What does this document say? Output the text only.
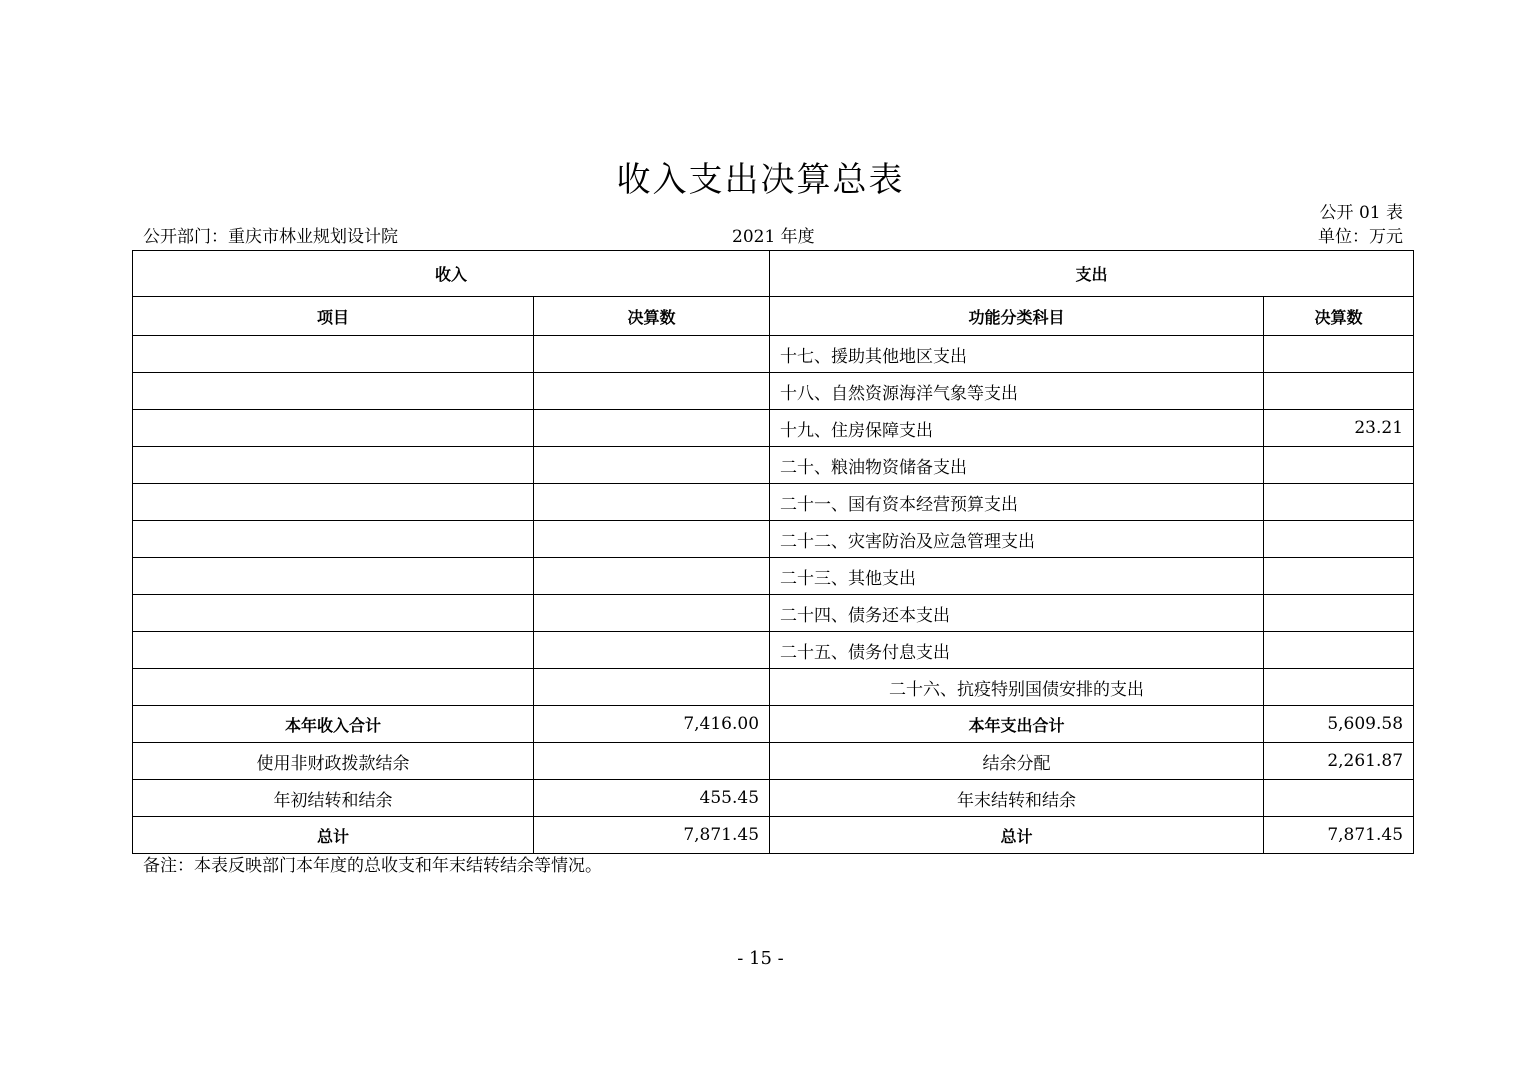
收入支出决算总表
公开 01 表
公开部门：重庆市林业规划设计院	2021 年度	单位：万元
收入		支出	
项目	决算数	功能分类科目	决算数
		十七、援助其他地区支出	
		十八、自然资源海洋气象等支出	
		十九、住房保障支出	23.21
		二十、粮油物资储备支出	
		二十一、国有资本经营预算支出	
		二十二、灾害防治及应急管理支出	
		二十三、其他支出	
		二十四、债务还本支出	
		二十五、债务付息支出	
		二十六、抗疫特别国债安排的支出	
本年收入合计	7,416.00	本年支出合计	5,609.58
使用非财政拨款结余		结余分配	2,261.87
年初结转和结余	455.45	年末结转和结余	
总计	7,871.45	总计	7,871.45
备注：本表反映部门本年度的总收支和年末结转结余等情况。
- 15 -
